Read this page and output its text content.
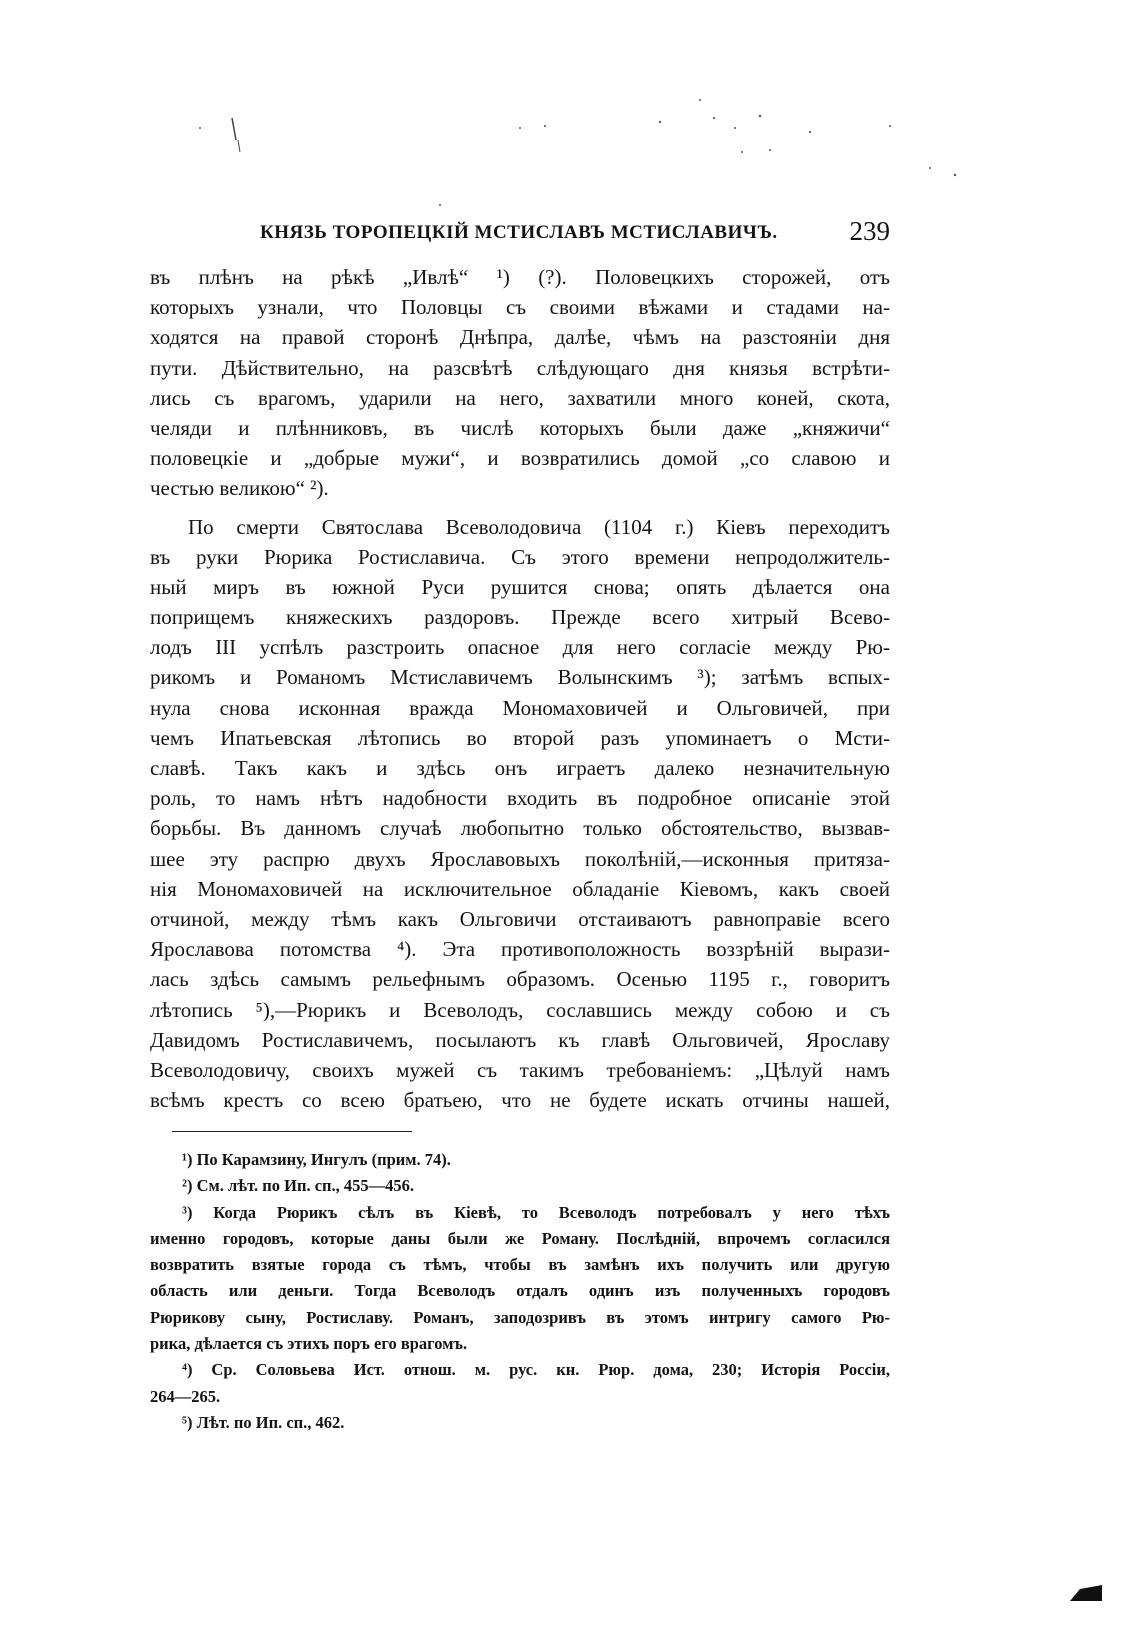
КНЯЗЬ ТОРОПЕЦКІЙ МСТИСЛАВЪ МСТИСЛАВИЧЪ.	239
въ плѣнъ на рѣкѣ „Ивлѣ“ ¹) (?). Половецкихъ сторожей, отъ
которыхъ узнали, что Половцы съ своими вѣжами и стадами на-
ходятся на правой сторонѣ Днѣпра, далѣе, чѣмъ на разстояніи дня
пути. Дѣйствительно, на разсвѣтѣ слѣдующаго дня князья встрѣти-
лись съ врагомъ, ударили на него, захватили много коней, скота,
челяди и плѣнниковъ, въ числѣ которыхъ были даже „княжичи“
половецкіе и „добрые мужи“, и возвратились домой „со славою и
честью великою“ ²).
По смерти Святослава Всеволодовича (1104 г.) Кіевъ переходитъ
въ руки Рюрика Ростиславича. Съ этого времени непродолжитель-
ный миръ въ южной Руси рушится снова; опять дѣлается она
поприщемъ княжескихъ раздоровъ. Прежде всего хитрый Всево-
лодъ III успѣлъ разстроить опасное для него согласіе между Рю-
рикомъ и Романомъ Мстиславичемъ Волынскимъ ³); затѣмъ вспых-
нула снова исконная вражда Мономаховичей и Ольговичей, при
чемъ Ипатьевская лѣтопись во второй разъ упоминаетъ о Мсти-
славѣ. Такъ какъ и здѣсь онъ играетъ далеко незначительную
роль, то намъ нѣтъ надобности входить въ подробное описаніе этой
борьбы. Въ данномъ случаѣ любопытно только обстоятельство, вызвав-
шее эту распрю двухъ Ярославовыхъ поколѣній,—исконныя притяза-
нія Мономаховичей на исключительное обладаніе Кіевомъ, какъ своей
отчиной, между тѣмъ какъ Ольговичи отстаиваютъ равноправіе всего
Ярославова потомства ⁴). Эта противоположность воззрѣній вырази-
лась здѣсь самымъ рельефнымъ образомъ. Осенью 1195 г., говоритъ
лѣтопись ⁵),—Рюрикъ и Всеволодъ, сославшись между собою и съ
Давидомъ Ростиславичемъ, посылаютъ къ главѣ Ольговичей, Ярославу
Всеволодовичу, своихъ мужей съ такимъ требованіемъ: „Цѣлуй намъ
всѣмъ крестъ со всею братьею, что не будете искать отчины нашей,
¹) По Карамзину, Ингулъ (прим. 74).
²) См. лѣт. по Ип. сп., 455—456.
³) Когда Рюрикъ сѣлъ въ Кіевѣ, то Всеволодъ потребовалъ у него тѣхъ
именно городовъ, которые даны были же Роману. Послѣдній, впрочемъ согласился
возвратить взятые города съ тѣмъ, чтобы въ замѣнъ ихъ получить или другую
область или деньги. Тогда Всеволодъ отдалъ одинъ изъ полученныхъ городовъ
Рюрикову сыну, Ростиславу. Романъ, заподозривъ въ этомъ интригу самого Рю-
рика, дѣлается съ этихъ поръ его врагомъ.
⁴) Ср. Соловьева Ист. отнош. м. рус. кн. Рюр. дома, 230; Исторія Россіи,
264—265.
⁵) Лѣт. по Ип. сп., 462.
